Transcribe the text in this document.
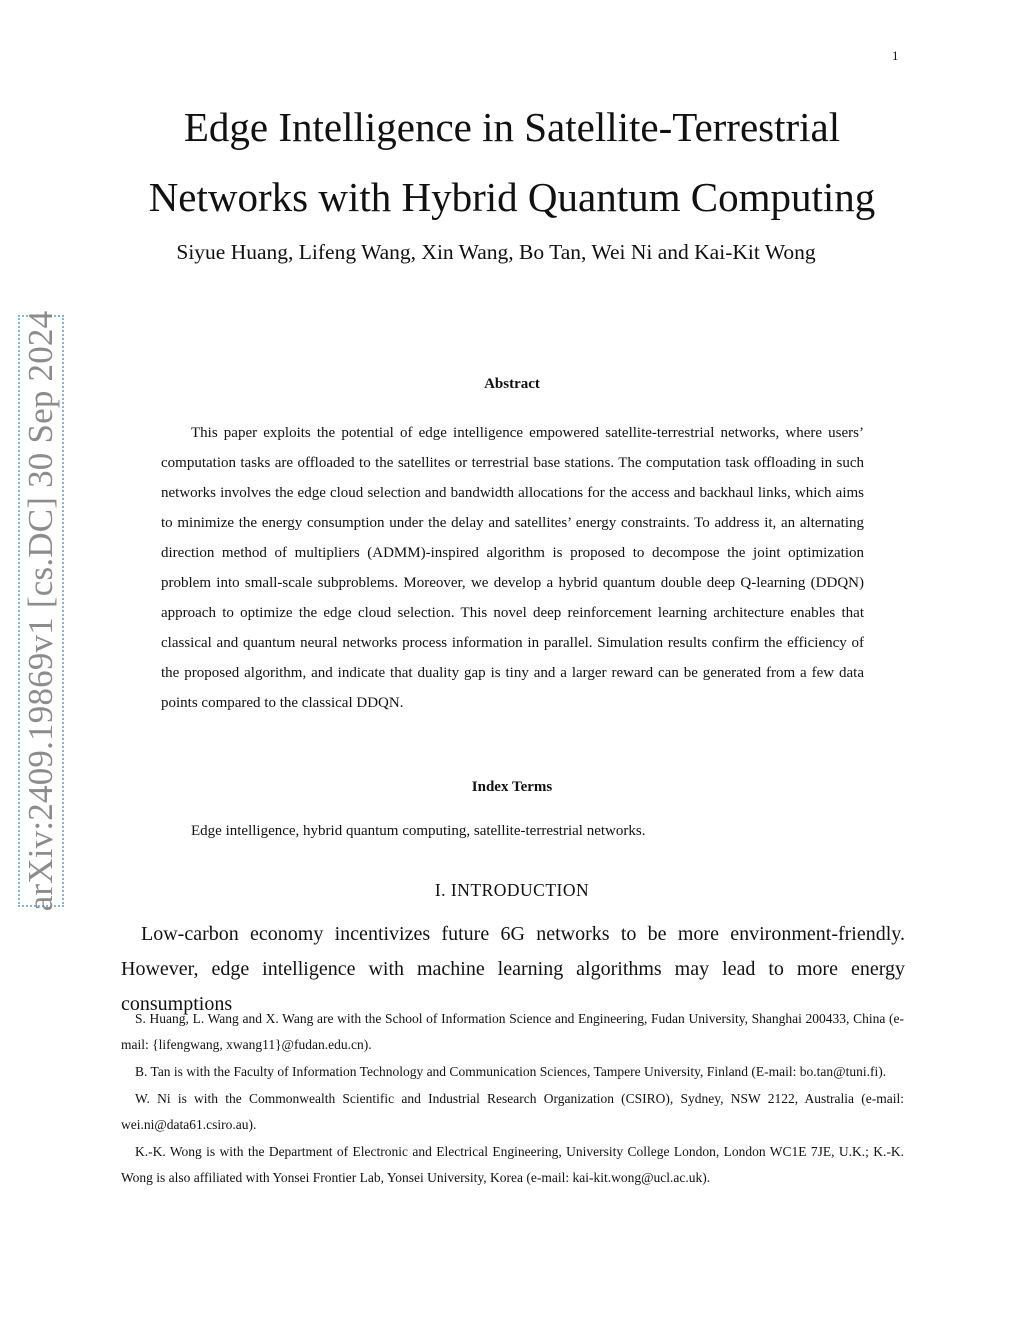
1
Edge Intelligence in Satellite-Terrestrial
Networks with Hybrid Quantum Computing
Siyue Huang, Lifeng Wang, Xin Wang, Bo Tan, Wei Ni and Kai-Kit Wong
arXiv:2409.19869v1 [cs.DC] 30 Sep 2024	Abstract

This paper exploits the potential of edge intelligence empowered satellite-terrestrial networks, where users’ computation tasks are offloaded to the satellites or terrestrial base stations. The computation task offloading in such networks involves the edge cloud selection and bandwidth allocations for the access and backhaul links, which aims to minimize the energy consumption under the delay and satellites’ energy constraints. To address it, an alternating direction method of multipliers (ADMM)-inspired algorithm is proposed to decompose the joint optimization problem into small-scale subproblems. Moreover, we develop a hybrid quantum double deep Q-learning (DDQN) approach to optimize the edge cloud selection. This novel deep reinforcement learning architecture enables that classical and quantum neural networks process information in parallel. Simulation results confirm the efficiency of the proposed algorithm, and indicate that duality gap is tiny and a larger reward can be generated from a few data points compared to the classical DDQN.

Index Terms
Edge intelligence, hybrid quantum computing, satellite-terrestrial networks.
I. INTRODUCTION

Low-carbon economy incentivizes future 6G networks to be more environment-friendly. However, edge intelligence with machine learning algorithms may lead to more energy consumptions

S. Huang, L. Wang and X. Wang are with the School of Information Science and Engineering, Fudan University, Shanghai 200433, China (e-mail: {lifengwang, xwang11}@fudan.edu.cn).

B. Tan is with the Faculty of Information Technology and Communication Sciences, Tampere University, Finland (E-mail: bo.tan@tuni.fi).

W. Ni is with the Commonwealth Scientific and Industrial Research Organization (CSIRO), Sydney, NSW 2122, Australia (e-mail: wei.ni@data61.csiro.au).

K.-K. Wong is with the Department of Electronic and Electrical Engineering, University College London, London WC1E 7JE, U.K.; K.-K. Wong is also affiliated with Yonsei Frontier Lab, Yonsei University, Korea (e-mail: kai-kit.wong@ucl.ac.uk).
